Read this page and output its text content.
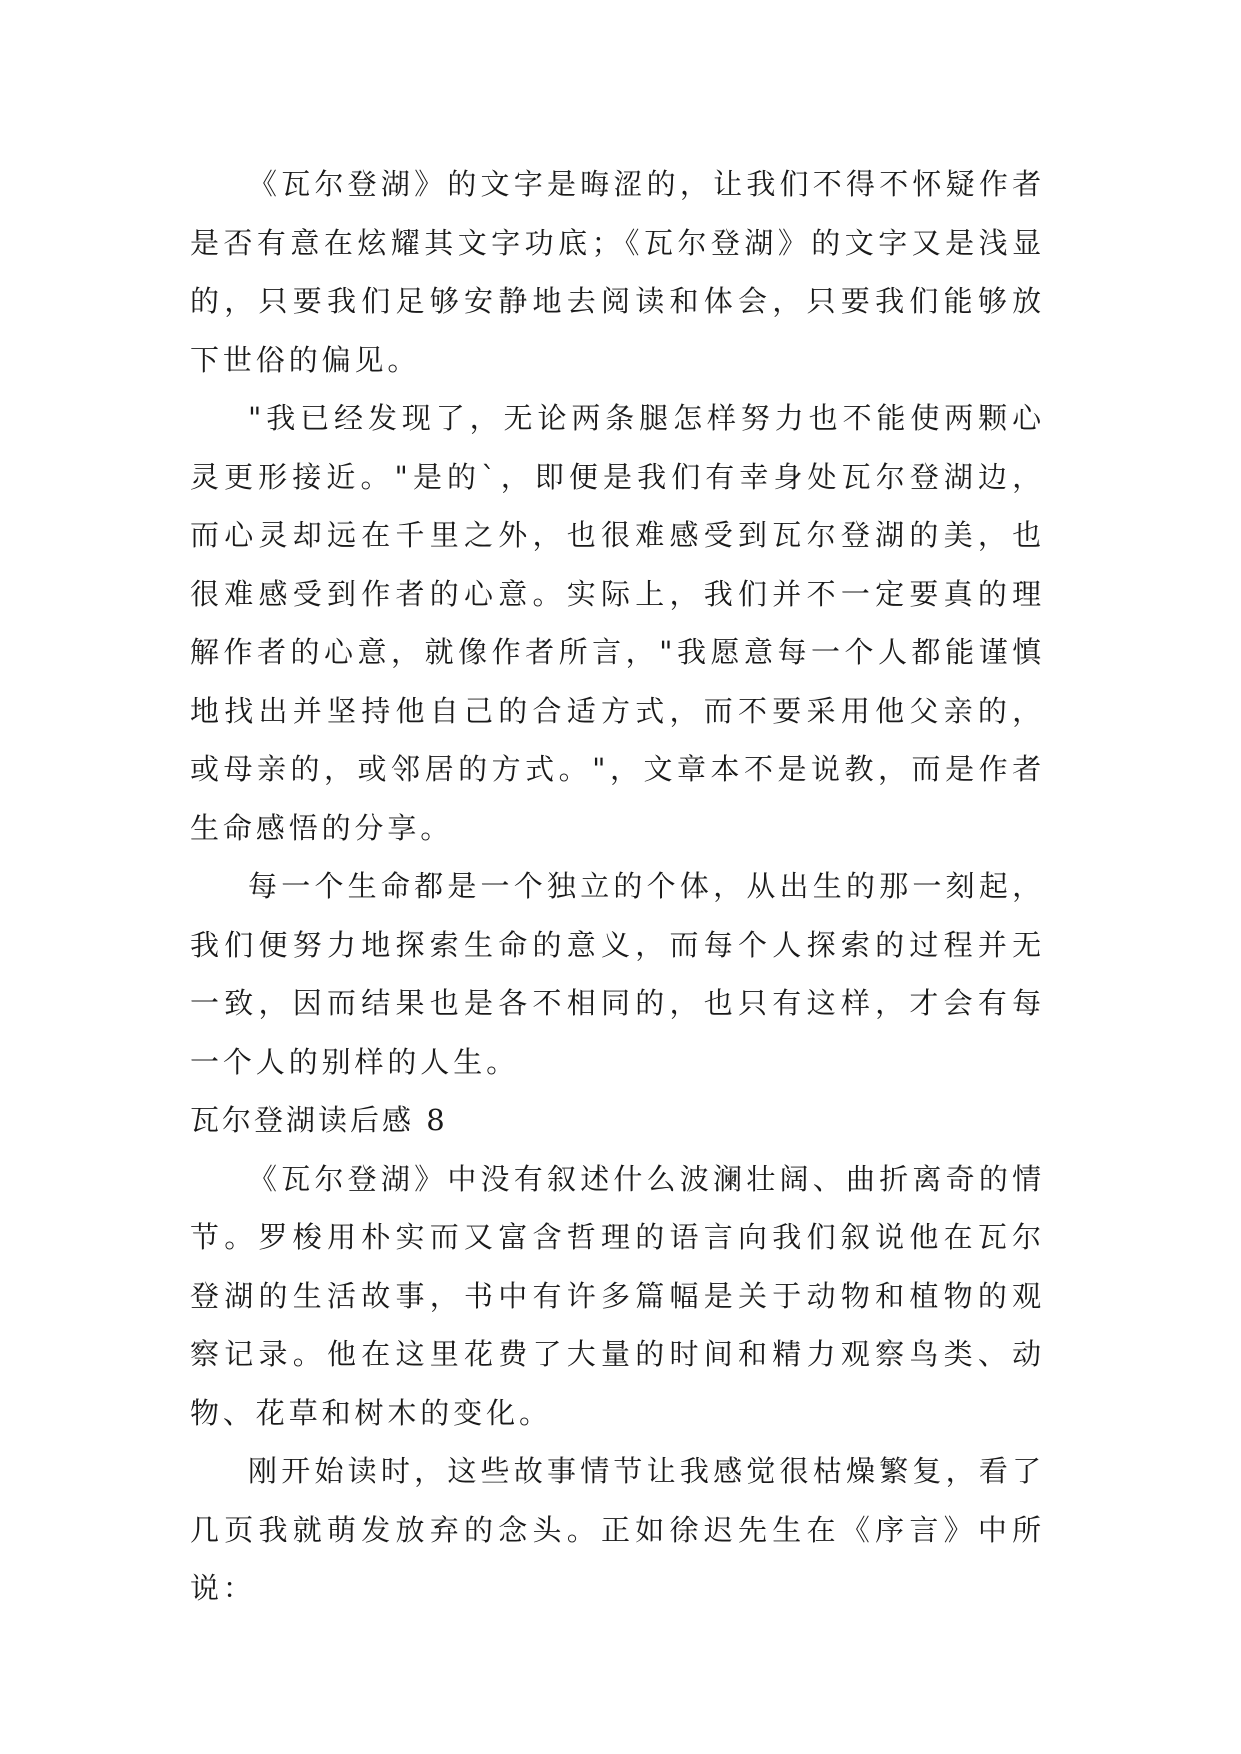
《瓦尔登湖》的文字是晦涩的，让我们不得不怀疑作者是否有意在炫耀其文字功底；《瓦尔登湖》的文字又是浅显的，只要我们足够安静地去阅读和体会，只要我们能够放下世俗的偏见。

"我已经发现了，无论两条腿怎样努力也不能使两颗心灵更形接近。"是的`，即便是我们有幸身处瓦尔登湖边，而心灵却远在千里之外，也很难感受到瓦尔登湖的美，也很难感受到作者的心意。实际上，我们并不一定要真的理解作者的心意，就像作者所言，"我愿意每一个人都能谨慎地找出并坚持他自己的合适方式，而不要采用他父亲的，或母亲的，或邻居的方式。"，文章本不是说教，而是作者生命感悟的分享。

每一个生命都是一个独立的个体，从出生的那一刻起，我们便努力地探索生命的意义，而每个人探索的过程并无一致，因而结果也是各不相同的，也只有这样，才会有每一个人的别样的人生。

瓦尔登湖读后感 8

《瓦尔登湖》中没有叙述什么波澜壮阔、曲折离奇的情节。罗梭用朴实而又富含哲理的语言向我们叙说他在瓦尔登湖的生活故事，书中有许多篇幅是关于动物和植物的观察记录。他在这里花费了大量的时间和精力观察鸟类、动物、花草和树木的变化。

刚开始读时，这些故事情节让我感觉很枯燥繁复，看了几页我就萌发放弃的念头。正如徐迟先生在《序言》中所说：
